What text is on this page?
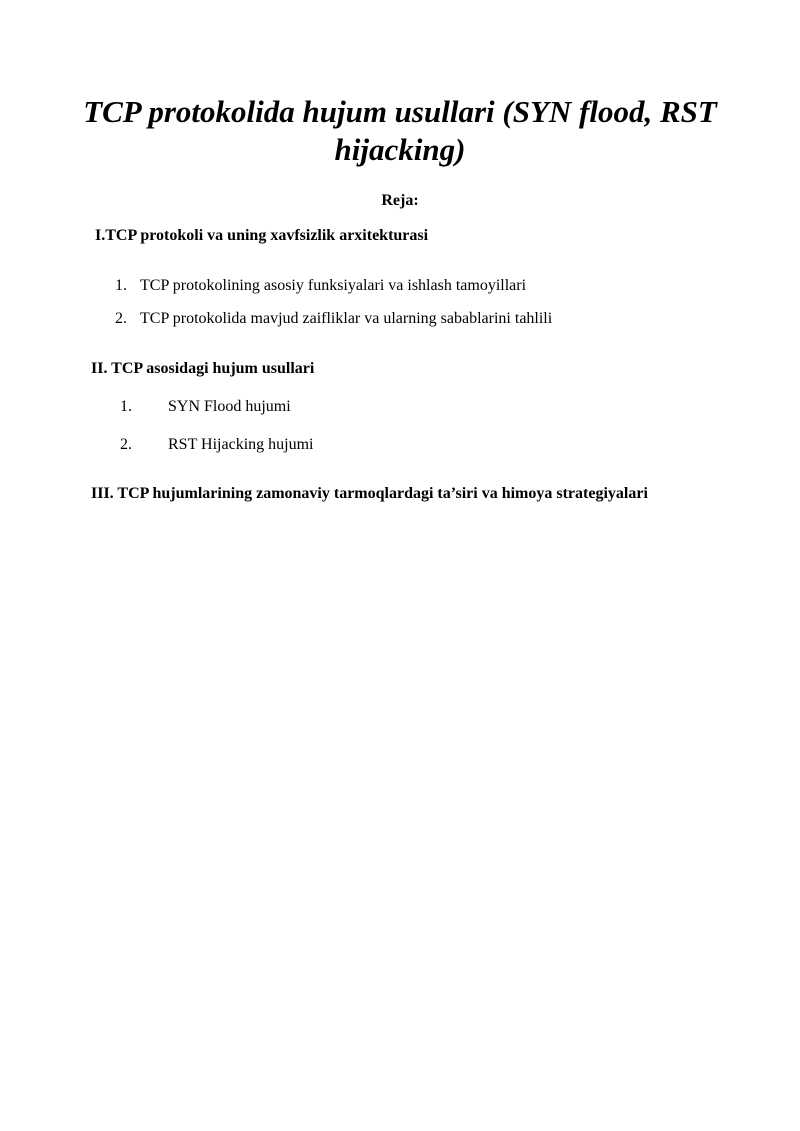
TCP protokolida hujum usullari (SYN flood, RST hijacking)
Reja:
I.TCP protokoli va uning xavfsizlik arxitekturasi
1. TCP protokolining asosiy funksiyalari va ishlash tamoyillari
2. TCP protokolida mavjud zaifliklar va ularning sabablarini tahlili
II. TCP asosidagi hujum usullari
1. SYN Flood hujumi
2. RST Hijacking hujumi
III. TCP hujumlarining zamonaviy tarmoqlardagi ta’siri va himoya strategiyalari
